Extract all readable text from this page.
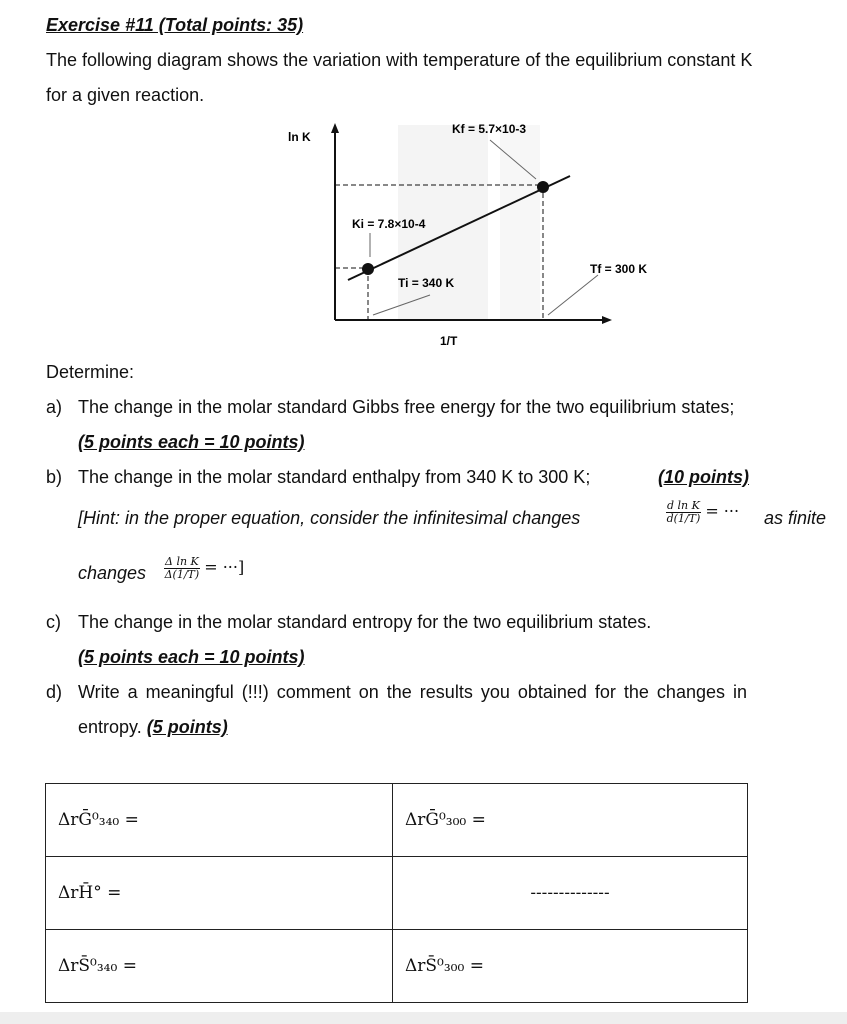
Exercise #11 (Total points: 35)
The following diagram shows the variation with temperature of the equilibrium constant K
for a given reaction.
ln K
1/T
Kf = 5.7×10-3
Ki = 7.8×10-4
Ti = 340 K
Tf = 300 K
Determine:
a) The change in the molar standard Gibbs free energy for the two equilibrium states;
(5 points each = 10 points)
b) The change in the molar standard enthalpy from 340 K to 300 K;	(10 points)
[Hint: in the proper equation, consider the infinitesimal changes	$\frac{\text{d ln K}}{d(1/T)}$ = ··· as finite
changes $\frac{\text{Δ ln K}}{\Delta(1/T)}$ = ···]
c) The change in the molar standard entropy for the two equilibrium states.
(5 points each = 10 points)
d) Write a meaningful (!!!) comment on the results you obtained for the changes in
entropy. (5 points)
ΔrḠ⁰₃₄₀ =	ΔrḠ⁰₃₀₀ =
ΔrH̄° =	--------------
ΔrS̄⁰₃₄₀ =	ΔrS̄⁰₃₀₀ =
